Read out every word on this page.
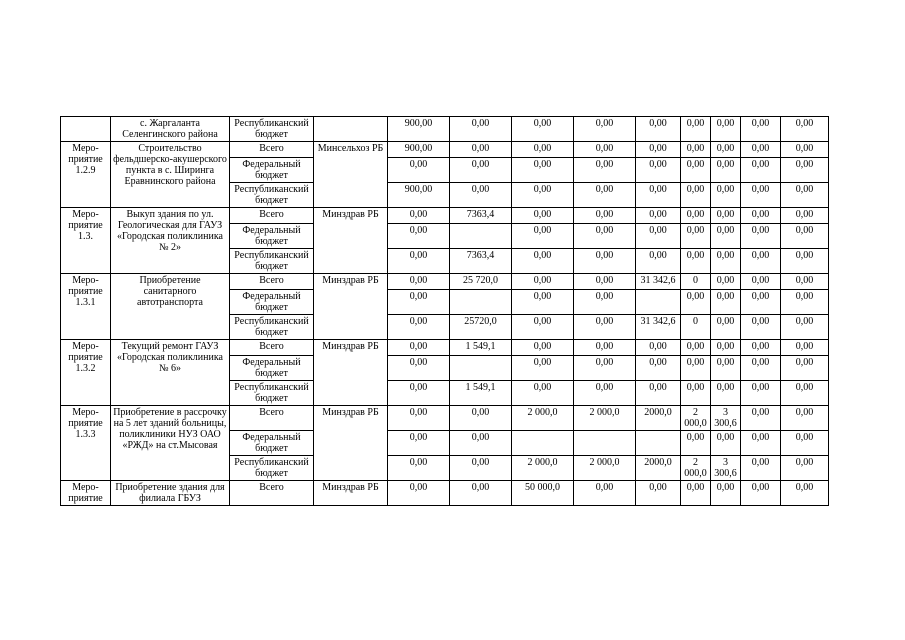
	с. Жаргаланта Селенгинского района	Республиканский бюджет		900,00	0,00	0,00	0,00	0,00	0,00	0,00	0,00	0,00
Меро-приятие 1.2.9	Строительство фельдшерско-акушерского пункта в с. Ширинга Еравнинского района	Всего	Минсельхоз РБ	900,00	0,00	0,00	0,00	0,00	0,00	0,00	0,00	0,00
		Федеральный бюджет		0,00	0,00	0,00	0,00	0,00	0,00	0,00	0,00	0,00
		Республиканский бюджет		900,00	0,00	0,00	0,00	0,00	0,00	0,00	0,00	0,00
Меро-приятие 1.3.	Выкуп здания по ул. Геологическая для ГАУЗ «Городская поликлиника № 2»	Всего	Минздрав РБ	0,00	7363,4	0,00	0,00	0,00	0,00	0,00	0,00	0,00
		Федеральный бюджет		0,00		0,00	0,00	0,00	0,00	0,00	0,00	0,00
		Республиканский бюджет		0,00	7363,4	0,00	0,00	0,00	0,00	0,00	0,00	0,00
Меро-приятие 1.3.1	Приобретение санитарного автотранспорта	Всего	Минздрав РБ	0,00	25 720,0	0,00	0,00	31 342,6	0	0,00	0,00	0,00
		Федеральный бюджет		0,00		0,00	0,00		0,00	0,00	0,00	0,00
		Республиканский бюджет		0,00	25720,0	0,00	0,00	31 342,6	0	0,00	0,00	0,00
Меро-приятие 1.3.2	Текущий ремонт ГАУЗ «Городская поликлиника № 6»	Всего	Минздрав РБ	0,00	1 549,1	0,00	0,00	0,00	0,00	0,00	0,00	0,00
		Федеральный бюджет		0,00		0,00	0,00	0,00	0,00	0,00	0,00	0,00
		Республиканский бюджет		0,00	1 549,1	0,00	0,00	0,00	0,00	0,00	0,00	0,00
Меро-приятие 1.3.3	Приобретение в рассрочку на 5 лет зданий больницы, поликлиники НУЗ ОАО «РЖД» на ст.Мысовая	Всего	Минздрав РБ	0,00	0,00	2 000,0	2 000,0	2000,0	2 000,0	3 300,6	0,00	0,00
		Федеральный бюджет		0,00	0,00				0,00	0,00	0,00	0,00
		Республиканский бюджет		0,00	0,00	2 000,0	2 000,0	2000,0	2 000,0	3 300,6	0,00	0,00
Меро-приятие	Приобретение здания для филиала ГБУЗ	Всего	Минздрав РБ	0,00	0,00	50 000,0	0,00	0,00	0,00	0,00	0,00	0,00
